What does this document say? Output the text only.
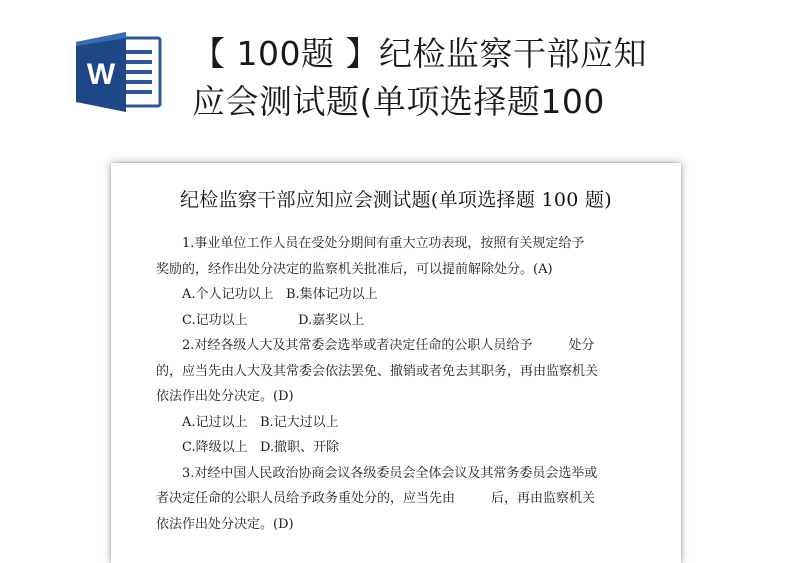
W
【 100题 】纪检监察干部应知
应会测试题(单项选择题100
纪检监察干部应知应会测试题(单项选择题 100 题)
1.事业单位工作人员在受处分期间有重大立功表现，按照有关规定给予
奖励的，经作出处分决定的监察机关批准后，可以提前解除处分。(A)
A.个人记功以上 B.集体记功以上
C.记功以上	D.嘉奖以上
2.对经各级人大及其常委会选举或者决定任命的公职人员给予	处分
的，应当先由人大及其常委会依法罢免、撤销或者免去其职务，再由监察机关
依法作出处分决定。(D)
A.记过以上 B.记大过以上
C.降级以上 D.撤职、开除
3.对经中国人民政治协商会议各级委员会全体会议及其常务委员会选举或
者决定任命的公职人员给予政务重处分的，应当先由	后，再由监察机关
依法作出处分决定。(D)
